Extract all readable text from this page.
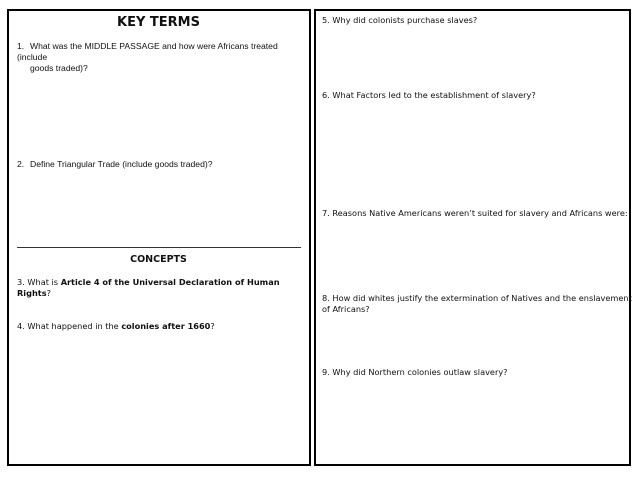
KEY TERMS
1. What was the MIDDLE PASSAGE and how were Africans treated (include
goods traded)?
2. Define Triangular Trade (include goods traded)?
CONCEPTS
3. What is Article 4 of the Universal Declaration of Human
Rights?
4. What happened in the colonies after 1660?
5. Why did colonists purchase slaves?
6. What Factors led to the establishment of slavery?
7. Reasons Native Americans weren’t suited for slavery and Africans were:
8. How did whites justify the extermination of Natives and the enslavement
of Africans?
9. Why did Northern colonies outlaw slavery?
